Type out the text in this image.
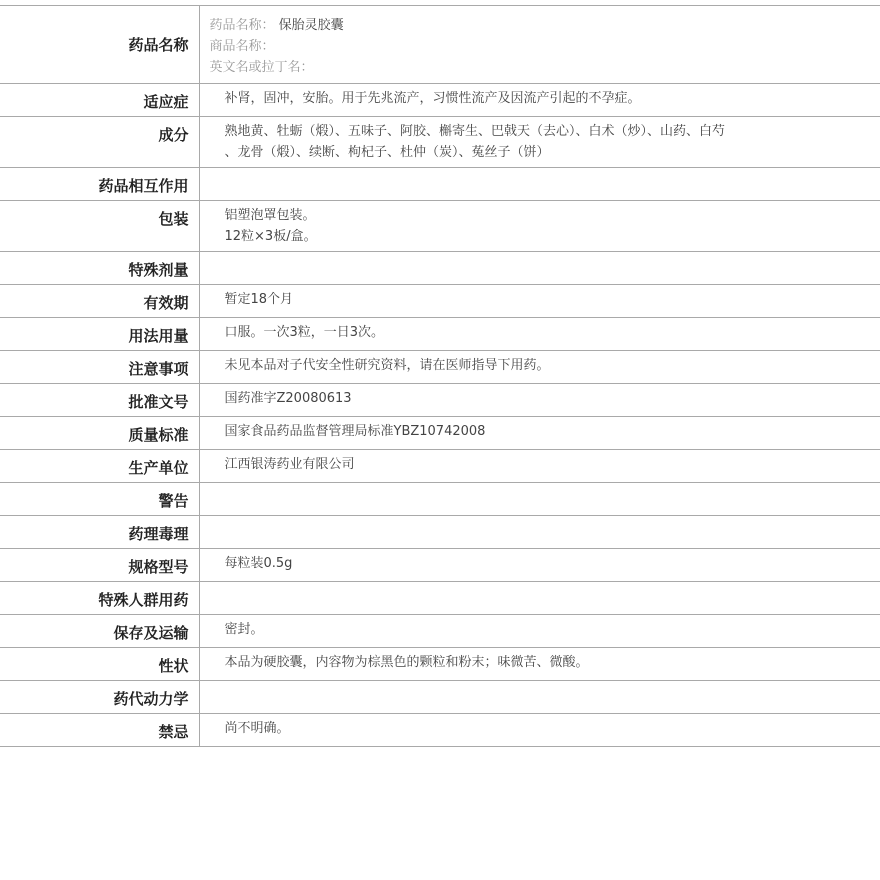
药品名称	药品名称： 保胎灵胶囊
商品名称：
英文名或拉丁名：

适应症	补肾，固冲，安胎。用于先兆流产，习惯性流产及因流产引起的不孕症。

成分	熟地黄、牡蛎（煅）、五味子、阿胶、槲寄生、巴戟天（去心）、白术（炒）、山药、白芍
、龙骨（煅）、续断、枸杞子、杜仲（炭）、菟丝子（饼）

药品相互作用	

包装	铝塑泡罩包装。
12粒×3板/盒。

特殊剂量	

有效期	暂定18个月

用法用量	口服。一次3粒，一日3次。

注意事项	未见本品对子代安全性研究资料，请在医师指导下用药。

批准文号	国药准字Z20080613

质量标准	国家食品药品监督管理局标准YBZ10742008

生产单位	江西银涛药业有限公司

警告	

药理毒理	

规格型号	每粒装0.5g

特殊人群用药	

保存及运输	密封。

性状	本品为硬胶囊，内容物为棕黑色的颗粒和粉末；味微苦、微酸。

药代动力学	

禁忌	尚不明确。
